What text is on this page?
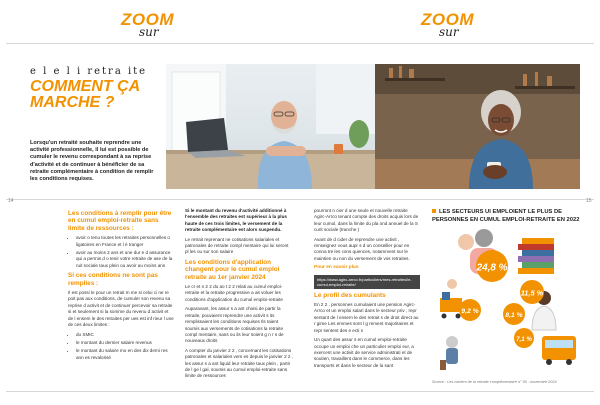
ZOOM
sur
ZOOM
sur
14	15
e l e l i retra ite
COMMENT ÇA MARCHE ?
Lorsqu'un retraité souhaite reprendre une activité professionnelle, il lui est possible de cumuler le revenu correspondant à sa reprise d'activité et de continuer à bénéficier de sa retraite complémentaire à condition de remplir les conditions requises.
Les conditions à remplir pour être en cumul emploi-retraite sans limite de ressources :
• avoir o tenu toutes les retraites personnelles o ligatoires en France et l é tranger
• avoir au moins 2 ans et une dur e d assurance qui a permis d o tenir votre retraite de ase de la ruit sociale taux plein ou avoir au moins ans
Si ces conditions ne sont pas remplies :

Il est possi le pour un retrait m me si celui ci ne re poit pas aux conditions, de cumuler son revenu sa reprise d activit et de continuer percevoir sa retraite si et seulement si la somme du revenu d activit et de l ensem le des retraites per ues est inf rieur l une de ces deux limites :

• du SMIC
• le montant du dernier salaire revenus
• le montant du salaire mo en des dix derni res ann es revalorisé

Si le montant du revenu d'activité additionné à l'ensemble des retraites est supérieur à la plus haute de ces trois limites, le versement de la retraite complémentaire est alors suspendu.

Le retrait reprenant ne cotisations salariales et patronales de retraite compl mentaire qui lui seront pl les ou sur son salaire

Les conditions d'application changent pour le cumul emploi retraite au 1er janvier 2024

Le cr et n 2 2 du ao t 2 2 relati au cumul emploi-retraite et la retraite progressive a ait voluer les conditions d'application du cumul emploi-retraite

Auparavant, les assur s a ant choisi de partir la retraite, pouvaient reprendre une activit s its remplissaient les conditions requises Ils taient soumis aux versements de cotisations la retraite compl mentaire, sans ou ils leur soient g n r s de nouveaux droits

A compter du janvier 2 2 , concernant les cotisations patronales et salariales vers es depuis le janvier 2 2 , les assur s a ant liquid leur retraite taux plein , partir de l ge l gal, soumis au cumul emploi-retraite sans limite de ressources

pourront n cier d une seule et nouvelle retraite Agirc-Arrco tenant compte des droits acquis lors de leur cumul, dans la limite du pla ond annuel de la S curit sociale (tranche )

Avant de d cider de reprendre une activit , renseignez vous aupr s d un conseiller pour en conna tre les cons quences, notamment sur le maintien ou non du versement de vos retraites.

Pour en savoir plus
https://www.agirc-arrco.fr/particuliers/mes-retraites/le-cumul-emploi-retraite/
Le profil des cumulants

En 2 2 , personnes cumulaient une pension Agirc-Arrco et un emploi salari dans le secteur priv , repr sentant de l ensem le des retrait s de droit direct au r gime Les emmes sont l g rement majoritaires et repr sentent des e ecti s

Un quart des assur s en cumul emploi-retraite occupe un emploi che un particulier emploi eur, a exercent une activit de service administrati et de soutien, travaillent dans le commerce, dans les transports et dans le secteur de la sant

LES SECTEURS UI EMPLOIENT LE PLUS DE PERSONNES EN CUMUL EMPLOI-RETRAITE EN 2022
24,8 %
11,5 %
9,2 %
8,1 %
7,1 %
Source : Les cahiers de la retraite complémentaire n° 50 - novembre 2024
